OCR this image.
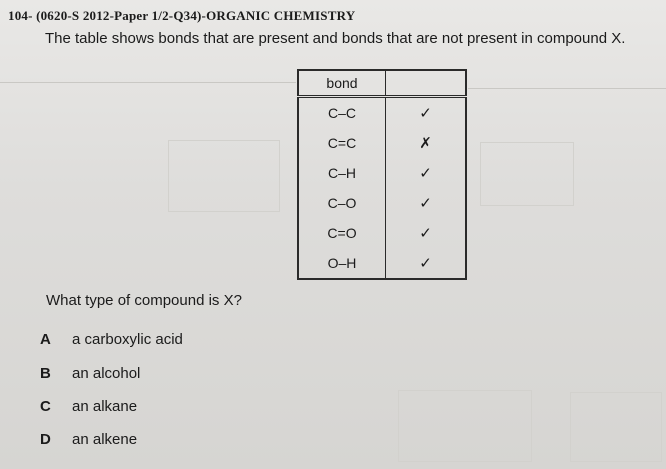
104- (0620-S 2012-Paper 1/2-Q34)-ORGANIC CHEMISTRY
The table shows bonds that are present and bonds that are not present in compound X.
bond	
C–C	✓
C=C	✗
C–H	✓
C–O	✓
C=O	✓
O–H	✓
What type of compound is X?
A a carboxylic acid
B an alcohol
C an alkane
D an alkene
